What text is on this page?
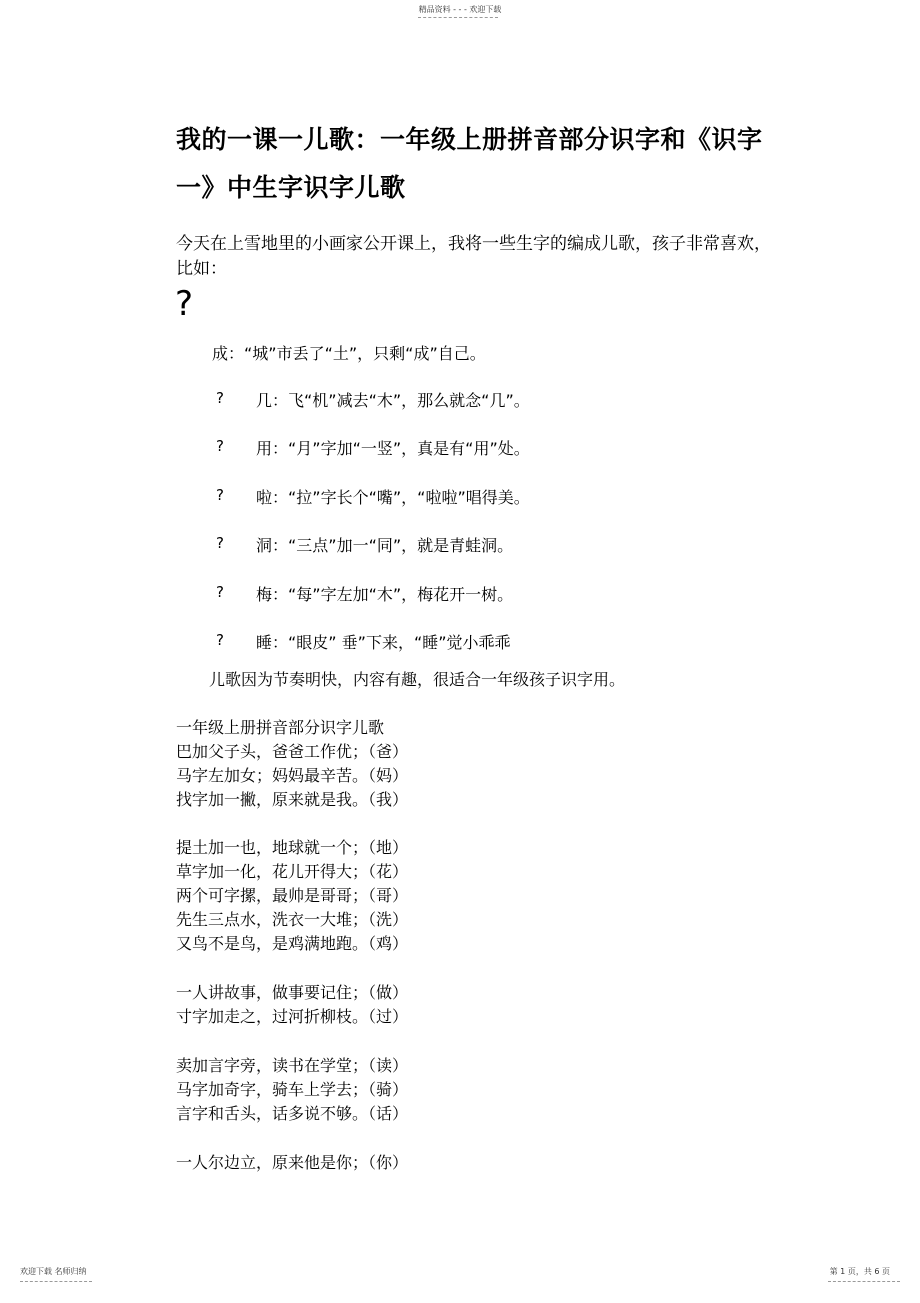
精品资料 - - - 欢迎下载
我的一课一儿歌：一年级上册拼音部分识字和《识字
一》中生字识字儿歌
今天在上雪地里的小画家公开课上，我将一些生字的编成儿歌，孩子非常喜欢，
比如：
?
成：“城”市丢了“土”，只剩“成”自己。
?	几：飞“机”减去“木”，那么就念“几”。
?	用：“月”字加“一竖”，真是有“用”处。
?	啦：“拉”字长个“嘴”，“啦啦”唱得美。
?	洞：“三点”加一“同”，就是青蛙洞。
?	梅：“每”字左加“木”，梅花开一树。
?	睡：“眼皮” 垂”下来，“睡”觉小乖乖
儿歌因为节奏明快，内容有趣，很适合一年级孩子识字用。
一年级上册拼音部分识字儿歌
巴加父子头，爸爸工作优；（爸）
马字左加女；妈妈最辛苦。（妈）
找字加一撇，原来就是我。（我）
提土加一也，地球就一个；（地）
草字加一化，花儿开得大；（花）
两个可字摞，最帅是哥哥；（哥）
先生三点水，洗衣一大堆；（洗）
又鸟不是鸟，是鸡满地跑。（鸡）
一人讲故事，做事要记住；（做）
寸字加走之，过河折柳枝。（过）
卖加言字旁，读书在学堂；（读）
马字加奇字，骑车上学去；（骑）
言字和舌头，话多说不够。（话）
一人尔边立，原来他是你；（你）
欢迎下载 名师归纳	第 1 页，共 6 页
